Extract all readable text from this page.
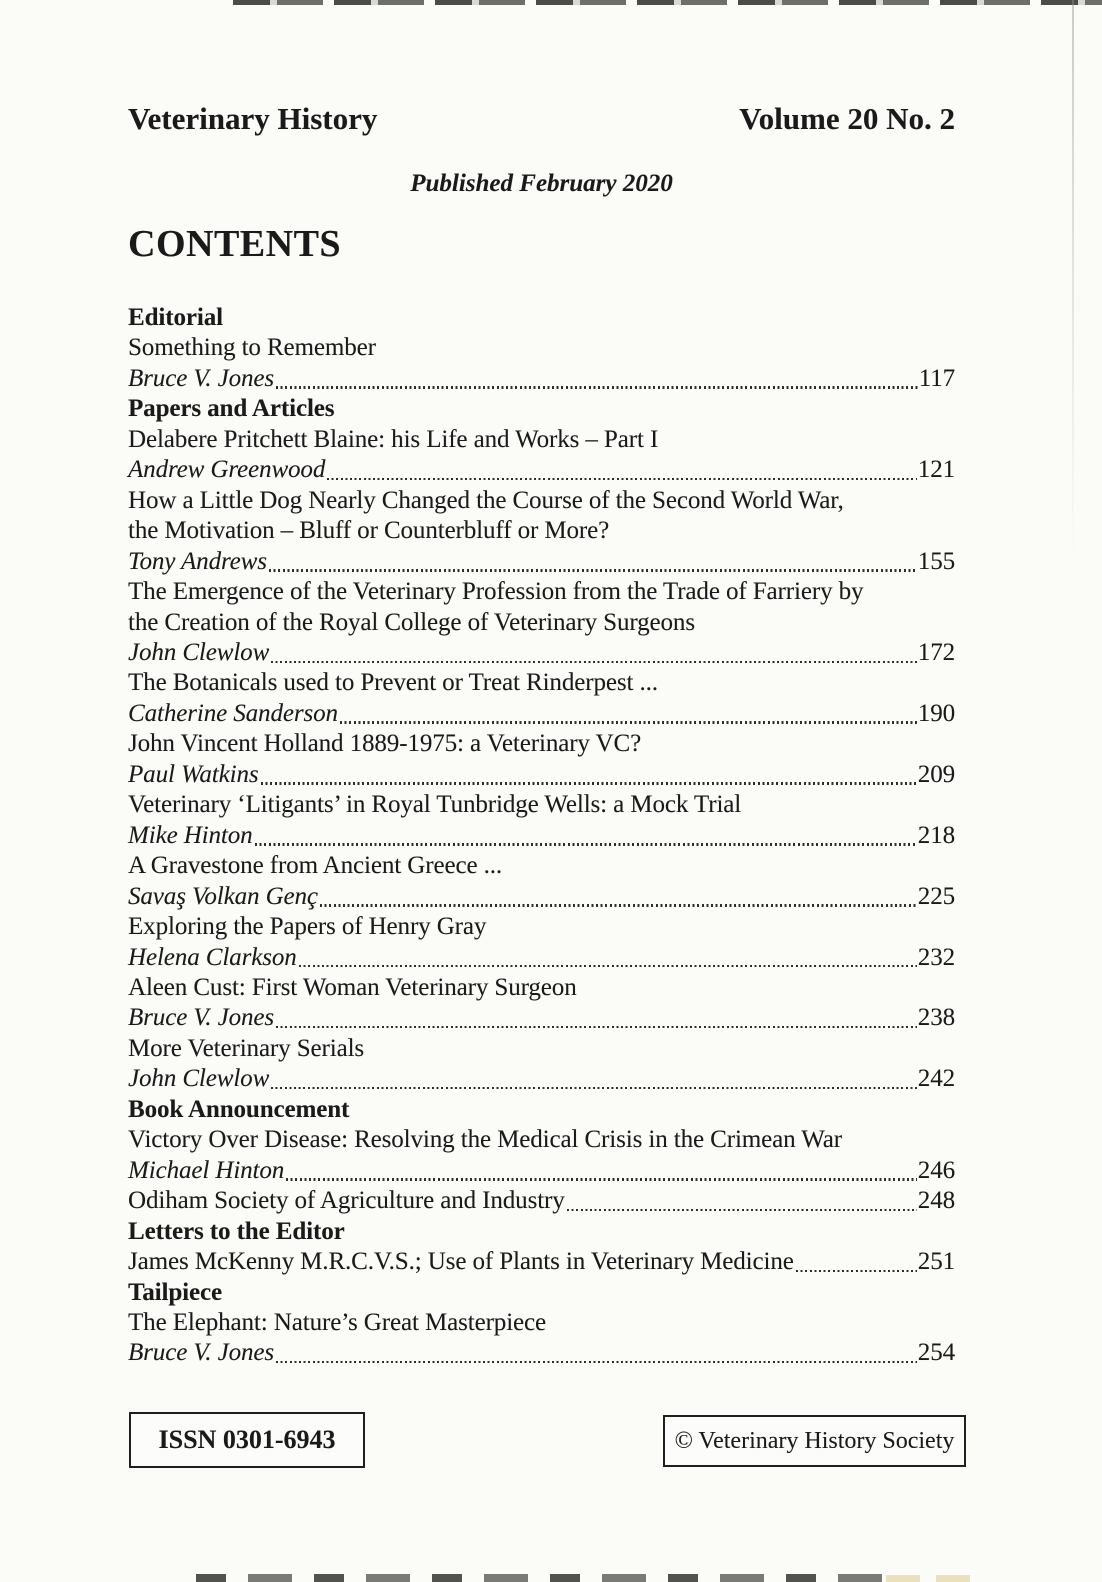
Veterinary History	Volume 20 No. 2
Published February 2020
CONTENTS
Editorial
Something to Remember
Bruce V. Jones	117
Papers and Articles
Delabere Pritchett Blaine: his Life and Works – Part I
Andrew Greenwood	121
How a Little Dog Nearly Changed the Course of the Second World War,
the Motivation – Bluff or Counterbluff or More?
Tony Andrews	155
The Emergence of the Veterinary Profession from the Trade of Farriery by
the Creation of the Royal College of Veterinary Surgeons
John Clewlow	172
The Botanicals used to Prevent or Treat Rinderpest ...
Catherine Sanderson	190
John Vincent Holland 1889-1975: a Veterinary VC?
Paul Watkins	209
Veterinary ‘Litigants’ in Royal Tunbridge Wells: a Mock Trial
Mike Hinton	218
A Gravestone from Ancient Greece ...
Savaş Volkan Genç	225
Exploring the Papers of Henry Gray
Helena Clarkson	232
Aleen Cust: First Woman Veterinary Surgeon
Bruce V. Jones	238
More Veterinary Serials
John Clewlow	242
Book Announcement
Victory Over Disease: Resolving the Medical Crisis in the Crimean War
Michael Hinton	246
Odiham Society of Agriculture and Industry	248
Letters to the Editor
James McKenny M.R.C.V.S.; Use of Plants in Veterinary Medicine	251
Tailpiece
The Elephant: Nature’s Great Masterpiece
Bruce V. Jones	254
ISSN 0301-6943	© Veterinary History Society
